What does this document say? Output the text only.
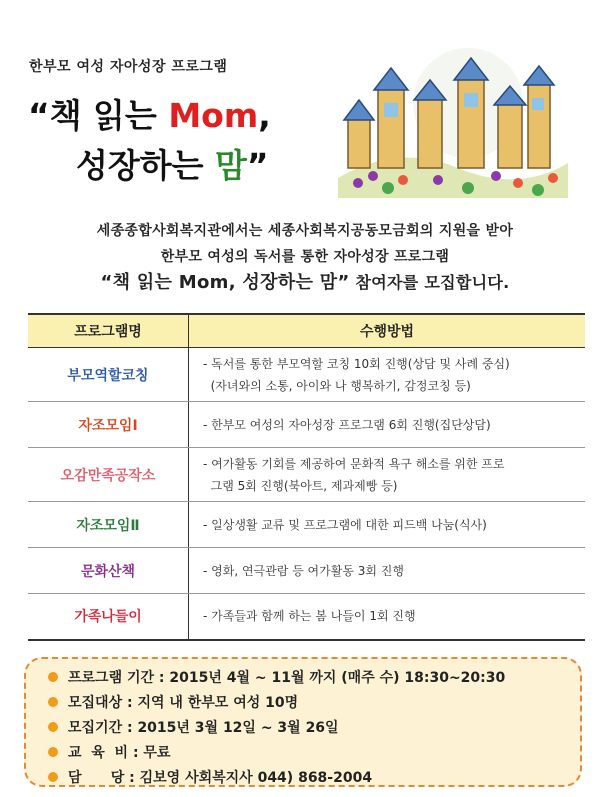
한부모 여성 자아성장 프로그램
“책 읽는 Mom,
성장하는 맘”
세종종합사회복지관에서는 세종사회복지공동모금회의 지원을 받아
한부모 여성의 독서를 통한 자아성장 프로그램
“책 읽는 Mom, 성장하는 맘” 참여자를 모집합니다.
프로그램명	수행방법
부모역할코칭	- 독서를 통한 부모역할 코칭 10회 진행(상담 및 사례 중심)
(자녀와의 소통, 아이와 나 행복하기, 감정코칭 등)

자조모임Ⅰ	- 한부모 여성의 자아성장 프로그램 6회 진행(집단상담)

오감만족공작소	- 여가활동 기회를 제공하여 문화적 욕구 해소를 위한 프로
그램 5회 진행(북아트, 제과제빵 등)

자조모임Ⅱ	- 일상생활 교류 및 프로그램에 대한 피드백 나눔(식사)

문화산책	- 영화, 연극관람 등 여가활동 3회 진행

가족나들이	- 가족들과 함께 하는 봄 나들이 1회 진행
프로그램 기간 : 2015년 4월 ~ 11월 까지 (매주 수) 18:30~20:30
모집대상 : 지역 내 한부모 여성 10명
모집기간 : 2015년 3월 12일 ~ 3월 26일
교  육  비 : 무료
담      당 : 김보영 사회복지사 044) 868-2004
